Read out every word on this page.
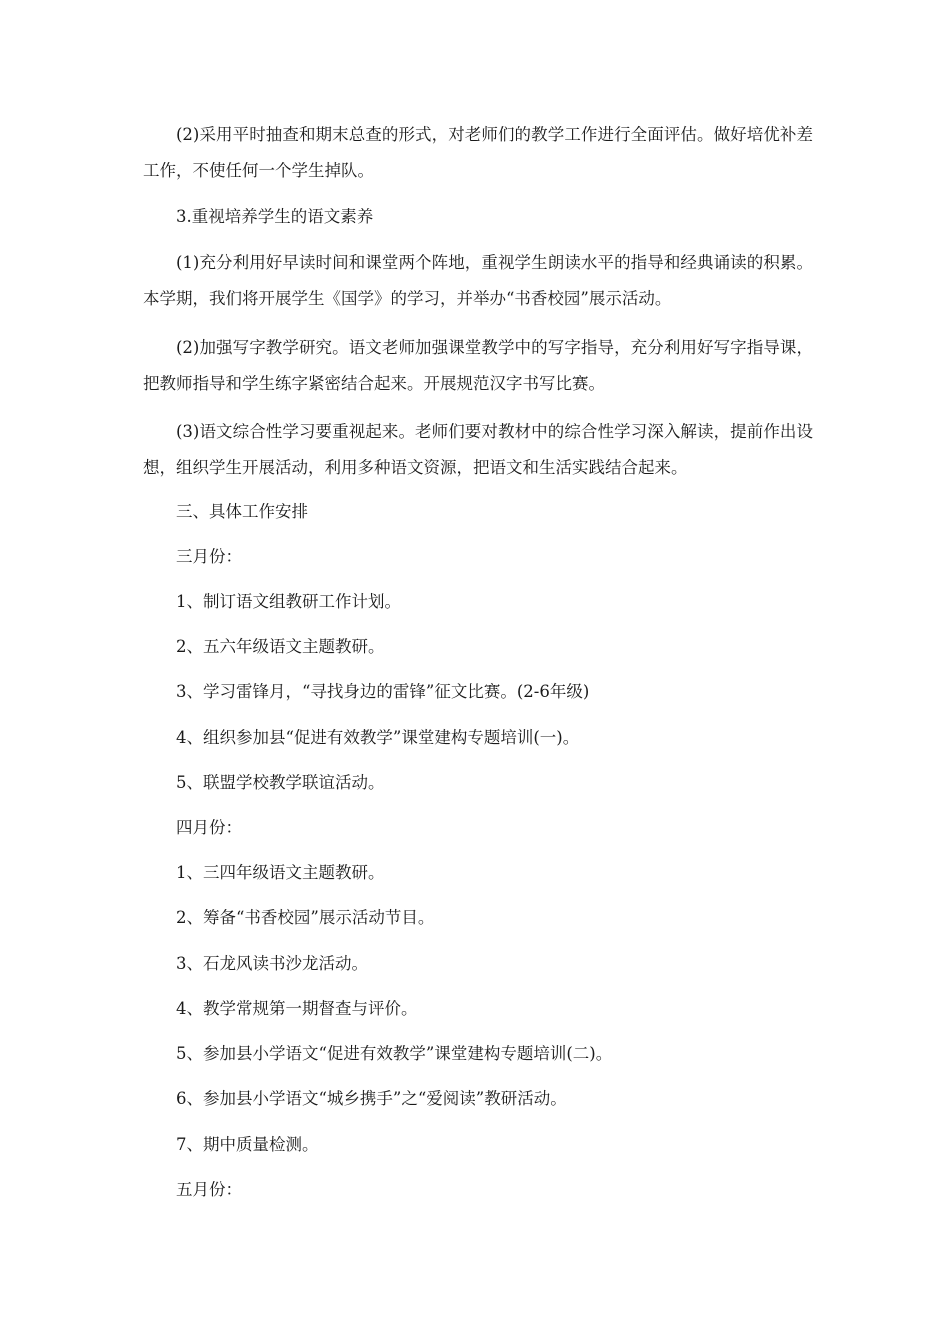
(2)采用平时抽查和期末总查的形式，对老师们的教学工作进行全面评估。做好培优补差工作，不使任何一个学生掉队。

3.重视培养学生的语文素养

(1)充分利用好早读时间和课堂两个阵地，重视学生朗读水平的指导和经典诵读的积累。本学期，我们将开展学生《国学》的学习，并举办“书香校园”展示活动。

(2)加强写字教学研究。语文老师加强课堂教学中的写字指导，充分利用好写字指导课，把教师指导和学生练字紧密结合起来。开展规范汉字书写比赛。

(3)语文综合性学习要重视起来。老师们要对教材中的综合性学习深入解读，提前作出设想，组织学生开展活动，利用多种语文资源，把语文和生活实践结合起来。

三、具体工作安排

三月份：

1、制订语文组教研工作计划。

2、五六年级语文主题教研。

3、学习雷锋月，“寻找身边的雷锋”征文比赛。(2-6年级)

4、组织参加县“促进有效教学”课堂建构专题培训(一)。

5、联盟学校教学联谊活动。

四月份：

1、三四年级语文主题教研。

2、筹备“书香校园”展示活动节目。

3、石龙风读书沙龙活动。

4、教学常规第一期督查与评价。

5、参加县小学语文“促进有效教学”课堂建构专题培训(二)。

6、参加县小学语文“城乡携手”之“爱阅读”教研活动。

7、期中质量检测。

五月份：
